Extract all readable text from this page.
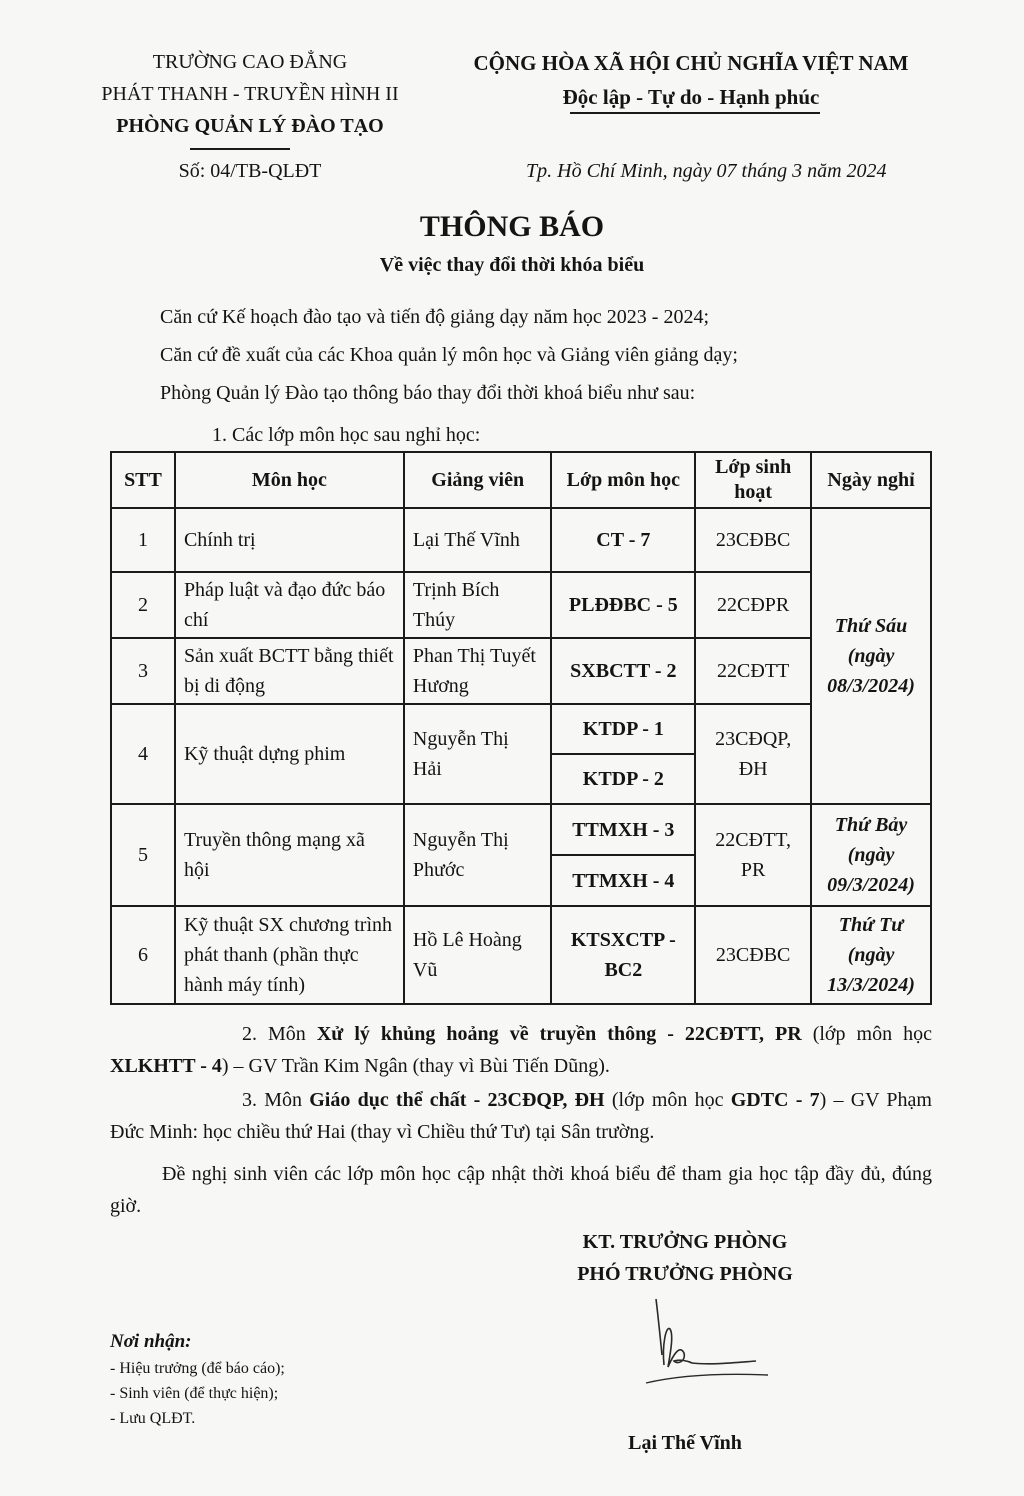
TRƯỜNG CAO ĐẲNG
PHÁT THANH - TRUYỀN HÌNH II
PHÒNG QUẢN LÝ ĐÀO TẠO
CỘNG HÒA XÃ HỘI CHỦ NGHĨA VIỆT NAM
Độc lập - Tự do - Hạnh phúc
Số: 04/TB-QLĐT	Tp. Hồ Chí Minh, ngày 07 tháng 3 năm 2024
THÔNG BÁO
Về việc thay đổi thời khóa biểu
Căn cứ Kế hoạch đào tạo và tiến độ giảng dạy năm học 2023 - 2024;
Căn cứ đề xuất của các Khoa quản lý môn học và Giảng viên giảng dạy;
Phòng Quản lý Đào tạo thông báo thay đổi thời khoá biểu như sau:
1. Các lớp môn học sau nghỉ học:
STT	Môn học	Giảng viên	Lớp môn học	Lớp sinh hoạt	Ngày nghỉ
1	Chính trị	Lại Thế Vĩnh	CT - 7	23CĐBC	Thứ Sáu
(ngày 08/3/2024)

2	Pháp luật và đạo đức báo chí	Trịnh Bích Thúy	PLĐĐBC - 5	22CĐPR	
3	Sản xuất BCTT bằng thiết bị di động	Phan Thị Tuyết Hương	SXBCTT - 2	22CĐTT	
4	Kỹ thuật dựng phim	Nguyễn Thị Hải	KTDP - 1	23CĐQP, ĐH	
			KTDP - 2		
5	Truyền thông mạng xã hội	Nguyễn Thị Phước	TTMXH - 3	22CĐTT, PR	Thứ Bảy
(ngày 09/3/2024)

			TTMXH - 4		
6	Kỹ thuật SX chương trình phát thanh (phần thực hành máy tính)	Hồ Lê Hoàng Vũ	KTSXCTP - BC2	23CĐBC	Thứ Tư
(ngày 13/3/2024)

2. Môn Xử lý khủng hoảng về truyền thông - 22CĐTT, PR (lớp môn học XLKHTT - 4) – GV Trần Kim Ngân (thay vì Bùi Tiến Dũng).

3. Môn Giáo dục thể chất - 23CĐQP, ĐH (lớp môn học GDTC - 7) – GV Phạm Đức Minh: học chiều thứ Hai (thay vì Chiều thứ Tư) tại Sân trường.

Đề nghị sinh viên các lớp môn học cập nhật thời khoá biểu để tham gia học tập đầy đủ, đúng giờ.

KT. TRƯỞNG PHÒNG
PHÓ TRƯỞNG PHÒNG
Lại Thế Vĩnh
Nơi nhận:
- Hiệu trưởng (để báo cáo);
- Sinh viên (để thực hiện);
- Lưu QLĐT.
